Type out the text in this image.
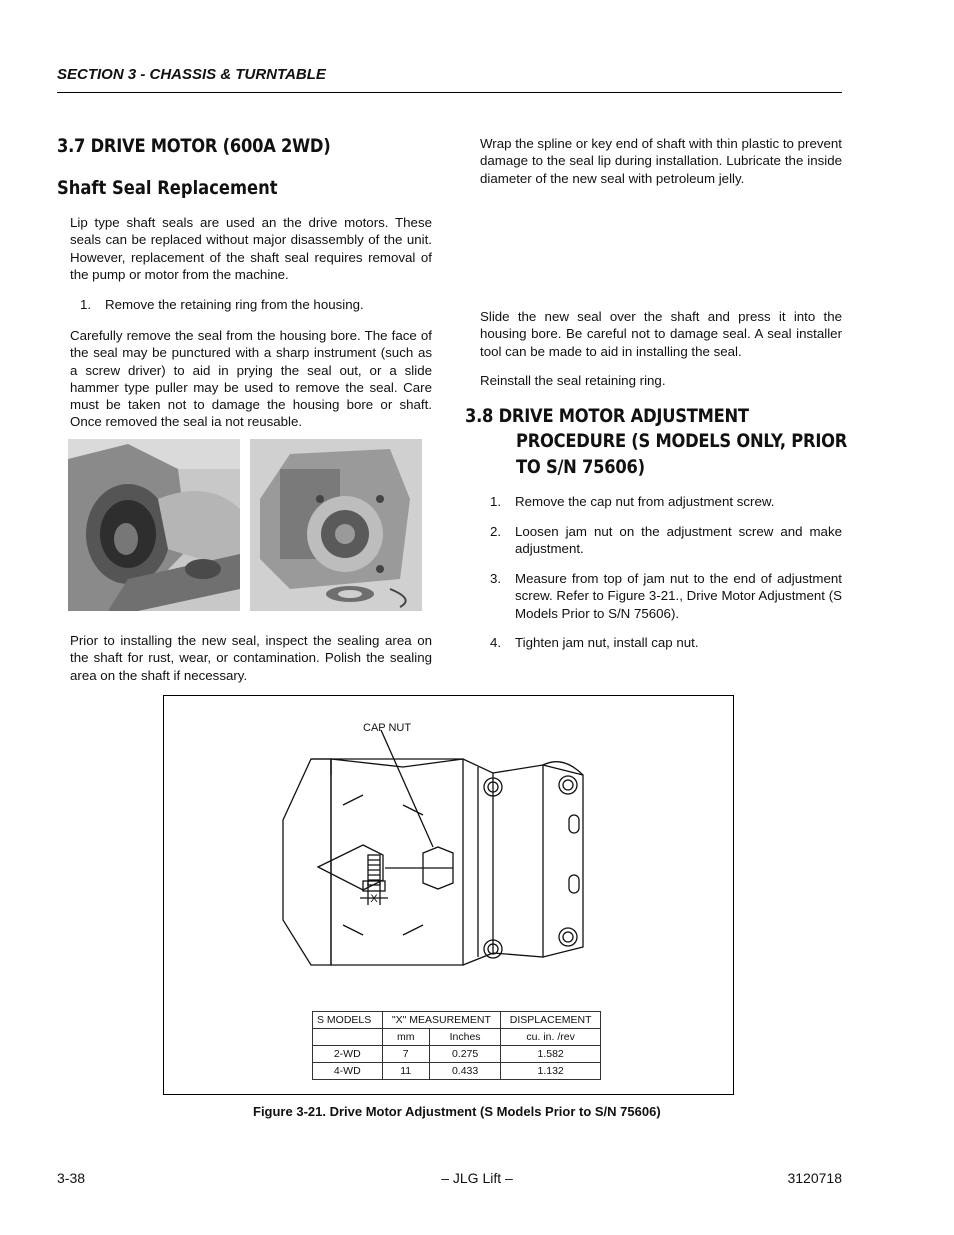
SECTION 3 - CHASSIS & TURNTABLE
3.7 DRIVE MOTOR (600A 2WD)
Shaft Seal Replacement
Lip type shaft seals are used an the drive motors. These seals can be replaced without major disassembly of the unit. However, replacement of the shaft seal requires removal of the pump or motor from the machine.
1. Remove the retaining ring from the housing.
Carefully remove the seal from the housing bore. The face of the seal may be punctured with a sharp instrument (such as a screw driver) to aid in prying the seal out, or a slide hammer type puller may be used to remove the seal. Care must be taken not to damage the housing bore or shaft. Once removed the seal ia not reusable.
Prior to installing the new seal, inspect the sealing area on the shaft for rust, wear, or contamination. Polish the sealing area on the shaft if necessary.
Wrap the spline or key end of shaft with thin plastic to prevent damage to the seal lip during installation. Lubricate the inside diameter of the new seal with petroleum jelly.
Slide the new seal over the shaft and press it into the housing bore. Be careful not to damage seal. A seal installer tool can be made to aid in installing the seal.
Reinstall the seal retaining ring.
3.8 DRIVE MOTOR ADJUSTMENT
PROCEDURE (S MODELS ONLY, PRIOR
TO S/N 75606)
1. Remove the cap nut from adjustment screw.
2. Loosen jam nut on the adjustment screw and make adjustment.
3. Measure from top of jam nut to the end of adjustment screw. Refer to Figure 3-21., Drive Motor Adjustment (S Models Prior to S/N 75606).
4. Tighten jam nut, install cap nut.
CAP NUT
X
S MODELS	"X" MEASUREMENT		DISPLACEMENT
	mm	Inches	cu. in. /rev
2-WD	7	0.275	1.582
4-WD	11	0.433	1.132
Figure 3-21. Drive Motor Adjustment (S Models Prior to S/N 75606)
3-38	– JLG Lift –	3120718
